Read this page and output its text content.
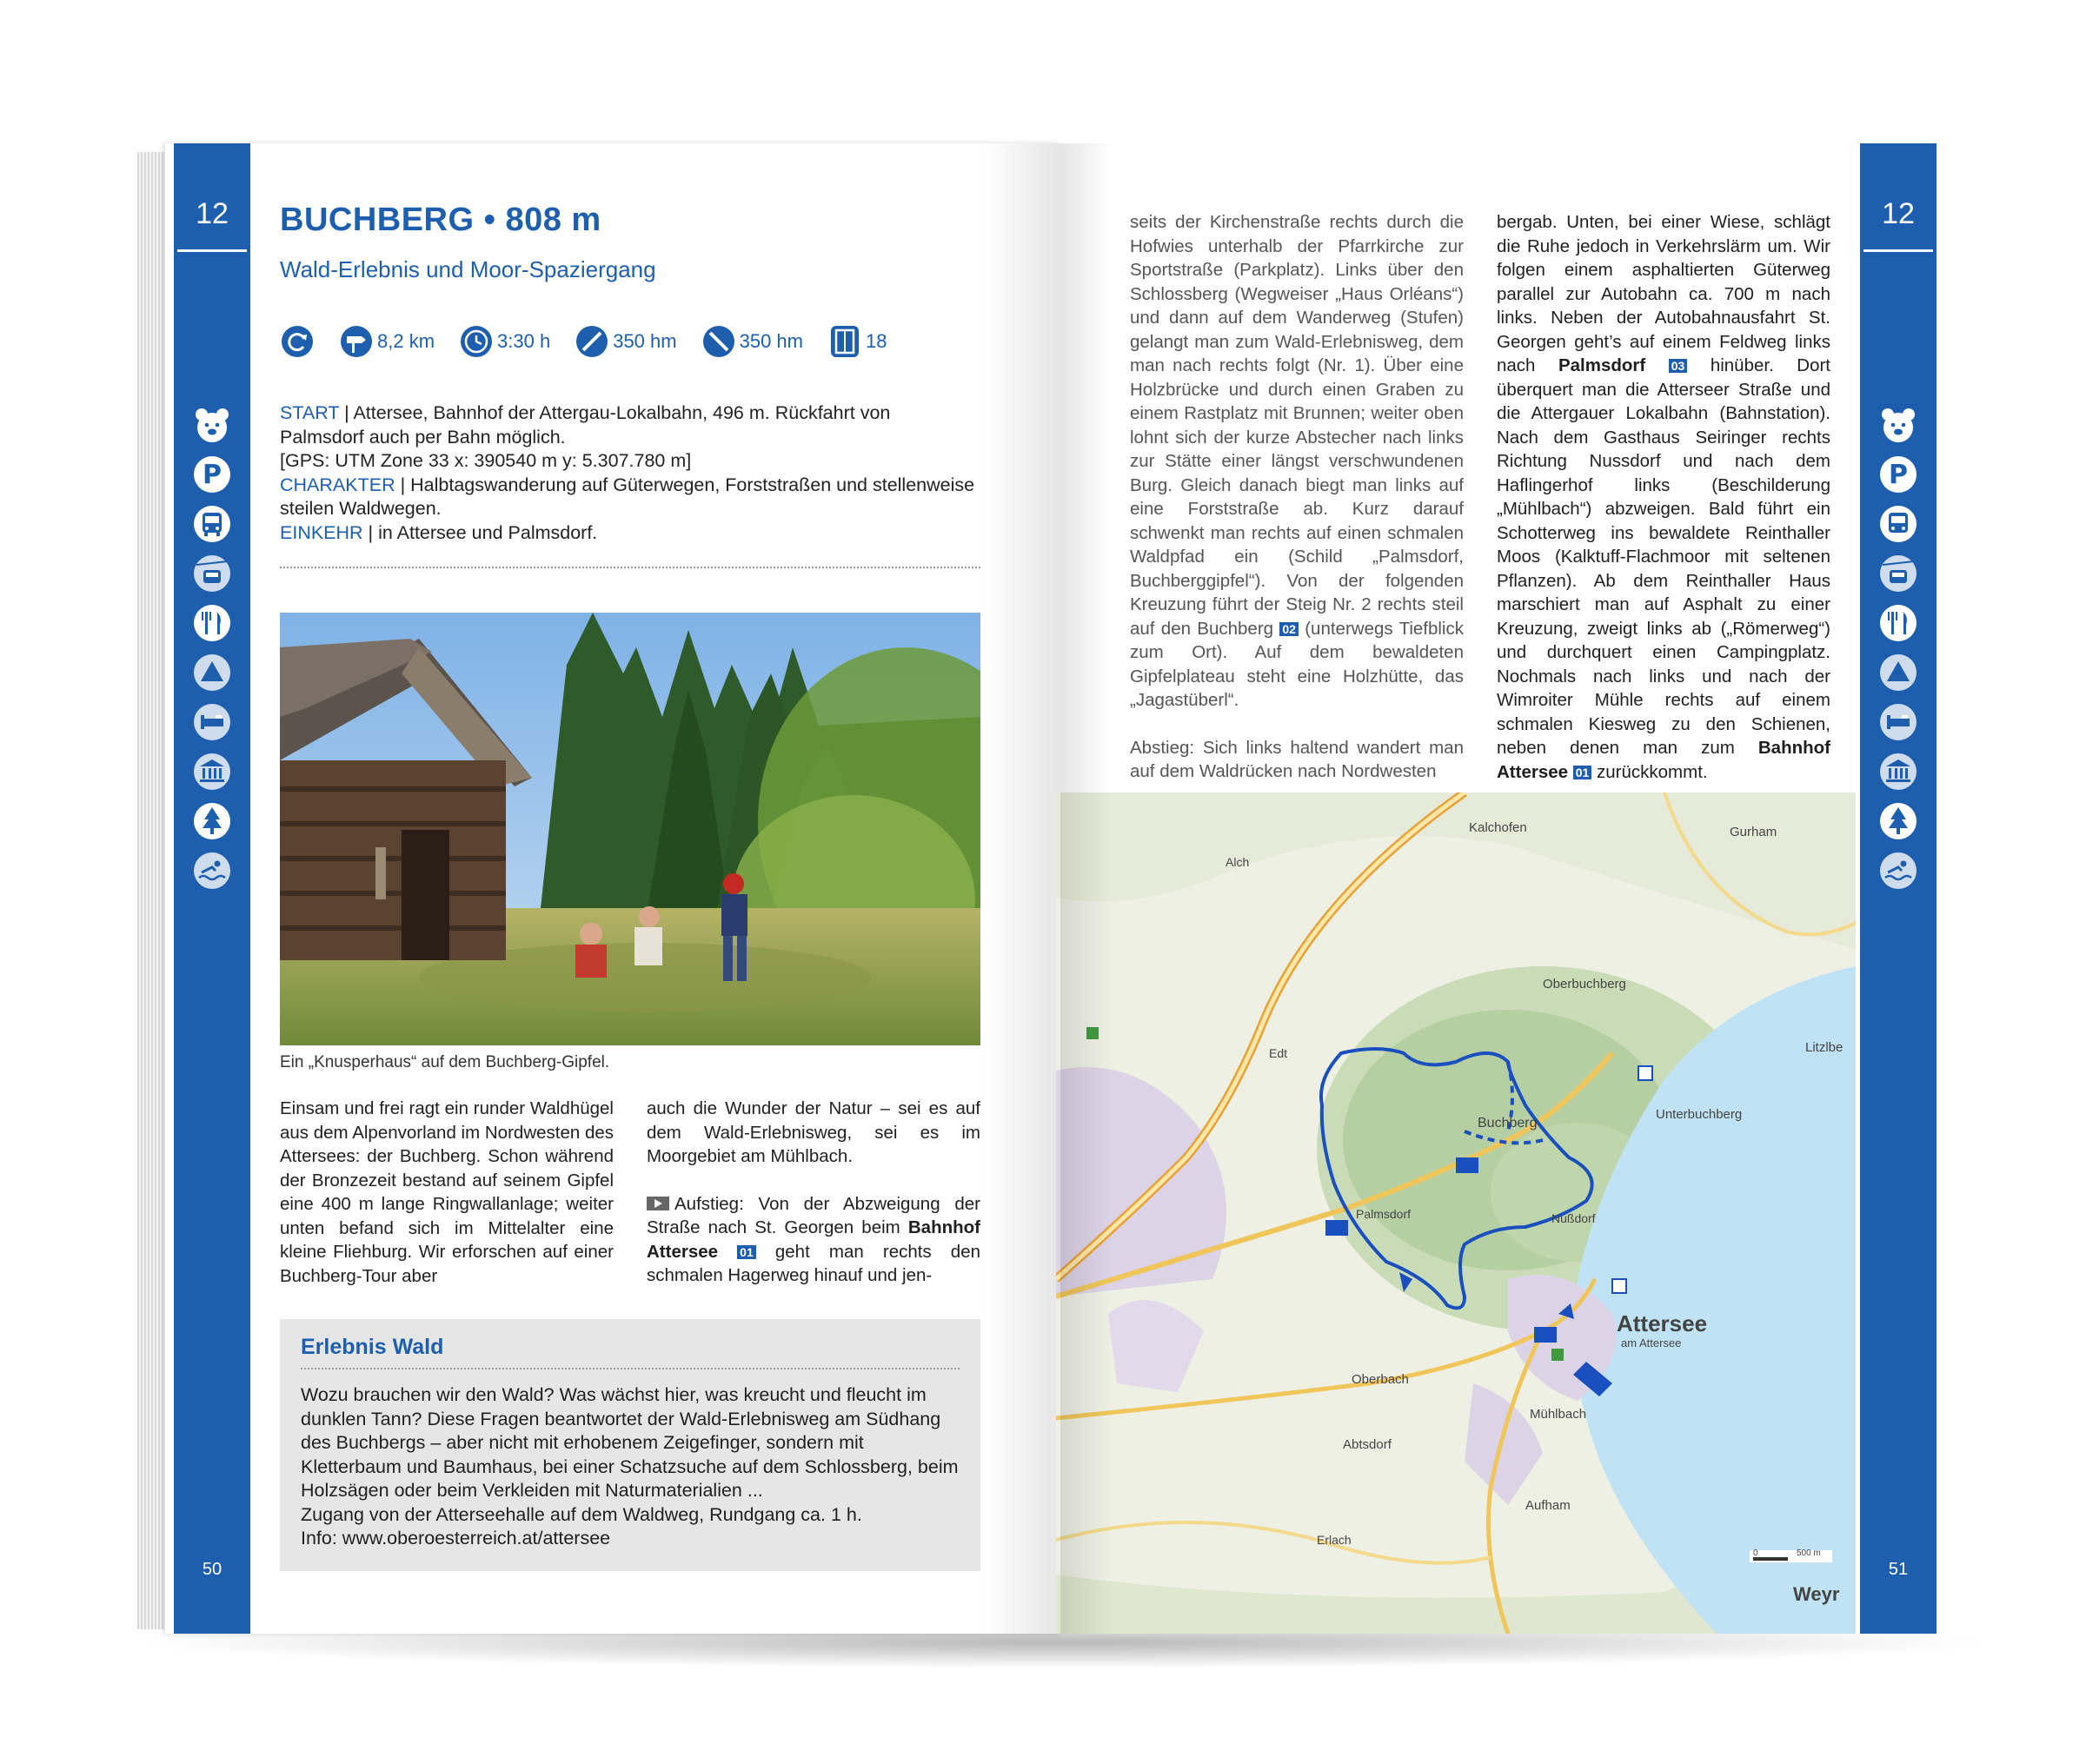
12
P
50
BUCHBERG • 808 m
Wald-Erlebnis und Moor-Spaziergang
8,2 km	3:30 h	350 hm	350 hm	18
START | Attersee, Bahnhof der Attergau-Lokalbahn, 496 m. Rückfahrt von Palmsdorf auch per Bahn möglich.
[GPS: UTM Zone 33 x: 390540 m y: 5.307.780 m]
CHARAKTER | Halbtagswanderung auf Güterwegen, Forststraßen und stellenweise steilen Waldwegen.
EINKEHR | in Attersee und Palmsdorf.
Ein „Knusperhaus“ auf dem Buchberg-Gipfel.

Einsam und frei ragt ein runder Waldhügel aus dem Alpenvorland im Nordwesten des Attersees: der Buchberg. Schon während der Bronzezeit bestand auf seinem Gipfel eine 400 m lange Ringwallanlage; weiter unten befand sich im Mittelalter eine kleine Fliehburg. Wir erforschen auf einer Buchberg-Tour aber

auch die Wunder der Natur – sei es auf dem Wald-Erlebnisweg, sei es im Moorgebiet am Mühlbach.

Aufstieg: Von der Abzweigung der Straße nach St. Georgen beim Bahnhof Attersee 01 geht man rechts den schmalen Hagerweg hinauf und jen-

Erlebnis Wald

Wozu brauchen wir den Wald? Was wächst hier, was kreucht und fleucht im dunklen Tann? Diese Fragen beantwortet der Wald-Erlebnisweg am Südhang des Buchbergs – aber nicht mit erhobenem Zeigefinger, sondern mit Kletterbaum und Baumhaus, bei einer Schatzsuche auf dem Schlossberg, beim Holzsägen oder beim Verkleiden mit Naturmaterialien ...

Zugang von der Atterseehalle auf dem Waldweg, Rundgang ca. 1 h.

Info: www.oberoesterreich.at/attersee

seits der Kirchenstraße rechts durch die Hofwies unterhalb der Pfarrkirche zur Sportstraße (Parkplatz). Links über den Schlossberg (Wegweiser „Haus Orléans“) und dann auf dem Wanderweg (Stufen) gelangt man zum Wald-Erlebnisweg, dem man nach rechts folgt (Nr. 1). Über eine Holzbrücke und durch einen Graben zu einem Rastplatz mit Brunnen; weiter oben lohnt sich der kurze Abstecher nach links zur Stätte einer längst verschwundenen Burg. Gleich danach biegt man links auf eine Forststraße ab. Kurz darauf schwenkt man rechts auf einen schmalen Waldpfad ein (Schild „Palmsdorf, Buchberggipfel“). Von der folgenden Kreuzung führt der Steig Nr. 2 rechts steil auf den Buchberg 02 (unterwegs Tiefblick zum Ort). Auf dem bewaldeten Gipfelplateau steht eine Holzhütte, das „Jagastüberl“.

Abstieg: Sich links haltend wandert man auf dem Waldrücken nach Nordwesten

bergab. Unten, bei einer Wiese, schlägt die Ruhe jedoch in Verkehrslärm um. Wir folgen einem asphaltierten Güterweg parallel zur Autobahn ca. 700 m nach links. Neben der Autobahnausfahrt St. Georgen geht’s auf einem Feldweg links nach Palmsdorf 03 hinüber. Dort überquert man die Atterseer Straße und die Attergauer Lokalbahn (Bahnstation). Nach dem Gasthaus Seiringer rechts Richtung Nussdorf und nach dem Haflingerhof links (Beschilderung „Mühlbach“) abzweigen. Bald führt ein Schotterweg ins bewaldete Reinthaller Moos (Kalktuff-Flachmoor mit seltenen Pflanzen). Ab dem Reinthaller Haus marschiert man auf Asphalt zu einer Kreuzung, zweigt links ab („Römerweg“) und durchquert einen Campingplatz. Nochmals nach links und nach der Wimroiter Mühle rechts auf einem schmalen Kiesweg zu den Schienen, neben denen man zum Bahnhof Attersee 01 zurückkommt.

Attersee
am Attersee
Buchberg
Kalchofen	Gurham
Oberbuchberg
Unterbuchberg
Oberbach
Mühlbach
Abtsdorf
Aufham
Palmsdorf	Nußdorf
Weyr
Alch
Erlach
Litzlbe
Edt
0	500 m
12
P
51
